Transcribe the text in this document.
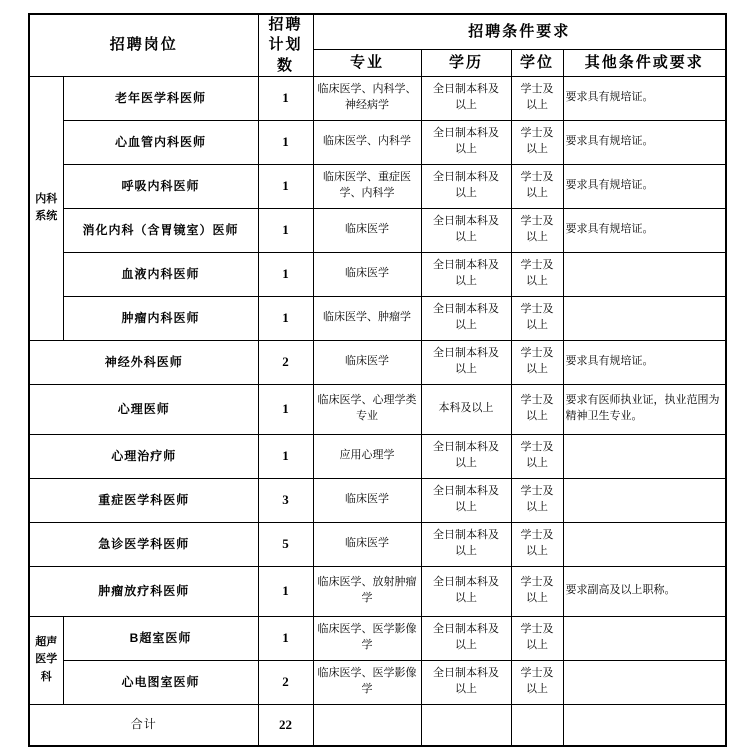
招聘岗位		招聘计划数	招聘条件要求			
			专业	学历	学位	其他条件或要求
内科系统	老年医学科医师	1	临床医学、内科学、神经病学	全日制本科及以上	学士及以上	要求具有规培证。
	心血管内科医师	1	临床医学、内科学	全日制本科及以上	学士及以上	要求具有规培证。
	呼吸内科医师	1	临床医学、重症医学、内科学	全日制本科及以上	学士及以上	要求具有规培证。
	消化内科（含胃镜室）医师	1	临床医学	全日制本科及以上	学士及以上	要求具有规培证。
	血液内科医师	1	临床医学	全日制本科及以上	学士及以上	
	肿瘤内科医师	1	临床医学、肿瘤学	全日制本科及以上	学士及以上	
神经外科医师		2	临床医学	全日制本科及以上	学士及以上	要求具有规培证。
心理医师		1	临床医学、心理学类专业	本科及以上	学士及以上	要求有医师执业证，执业范围为精神卫生专业。
心理治疗师		1	应用心理学	全日制本科及以上	学士及以上	
重症医学科医师		3	临床医学	全日制本科及以上	学士及以上	
急诊医学科医师		5	临床医学	全日制本科及以上	学士及以上	
肿瘤放疗科医师		1	临床医学、放射肿瘤学	全日制本科及以上	学士及以上	要求副高及以上职称。
超声医学科	B超室医师	1	临床医学、医学影像学	全日制本科及以上	学士及以上	
	心电图室医师	2	临床医学、医学影像学	全日制本科及以上	学士及以上	
合计		22				
